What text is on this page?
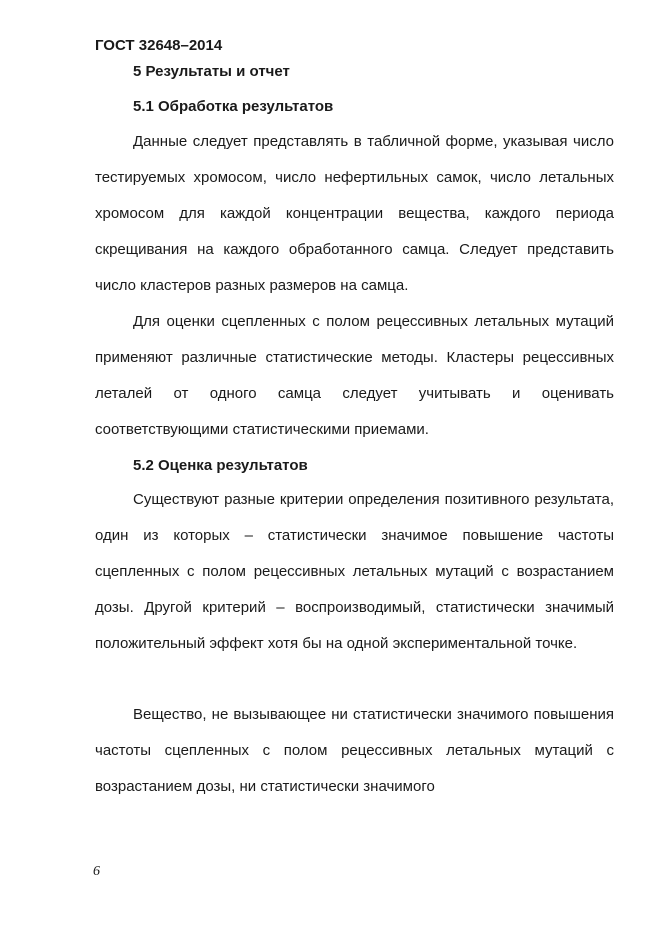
ГОСТ 32648–2014
5 Результаты и отчет
5.1 Обработка результатов

Данные следует представлять в табличной форме, указывая число тестируемых хромосом, число нефертильных самок, число летальных хромосом для каждой концентрации вещества, каждого периода скрещивания на каждого обработанного самца. Следует представить число кластеров разных размеров на самца.

Для оценки сцепленных с полом рецессивных летальных мутаций применяют различные статистические методы. Кластеры рецессивных леталей от одного самца следует учитывать и оценивать соответствующими статистическими приемами.

5.2 Оценка результатов

Существуют разные критерии определения позитивного результата, один из которых – статистически значимое повышение частоты сцепленных с полом рецессивных летальных мутаций с возрастанием дозы. Другой критерий – воспроизводимый, статистически значимый положительный эффект хотя бы на одной экспериментальной точке.

Вещество, не вызывающее ни статистически значимого повышения частоты сцепленных с полом рецессивных летальных мутаций с возрастанием дозы, ни статистически значимого

6
